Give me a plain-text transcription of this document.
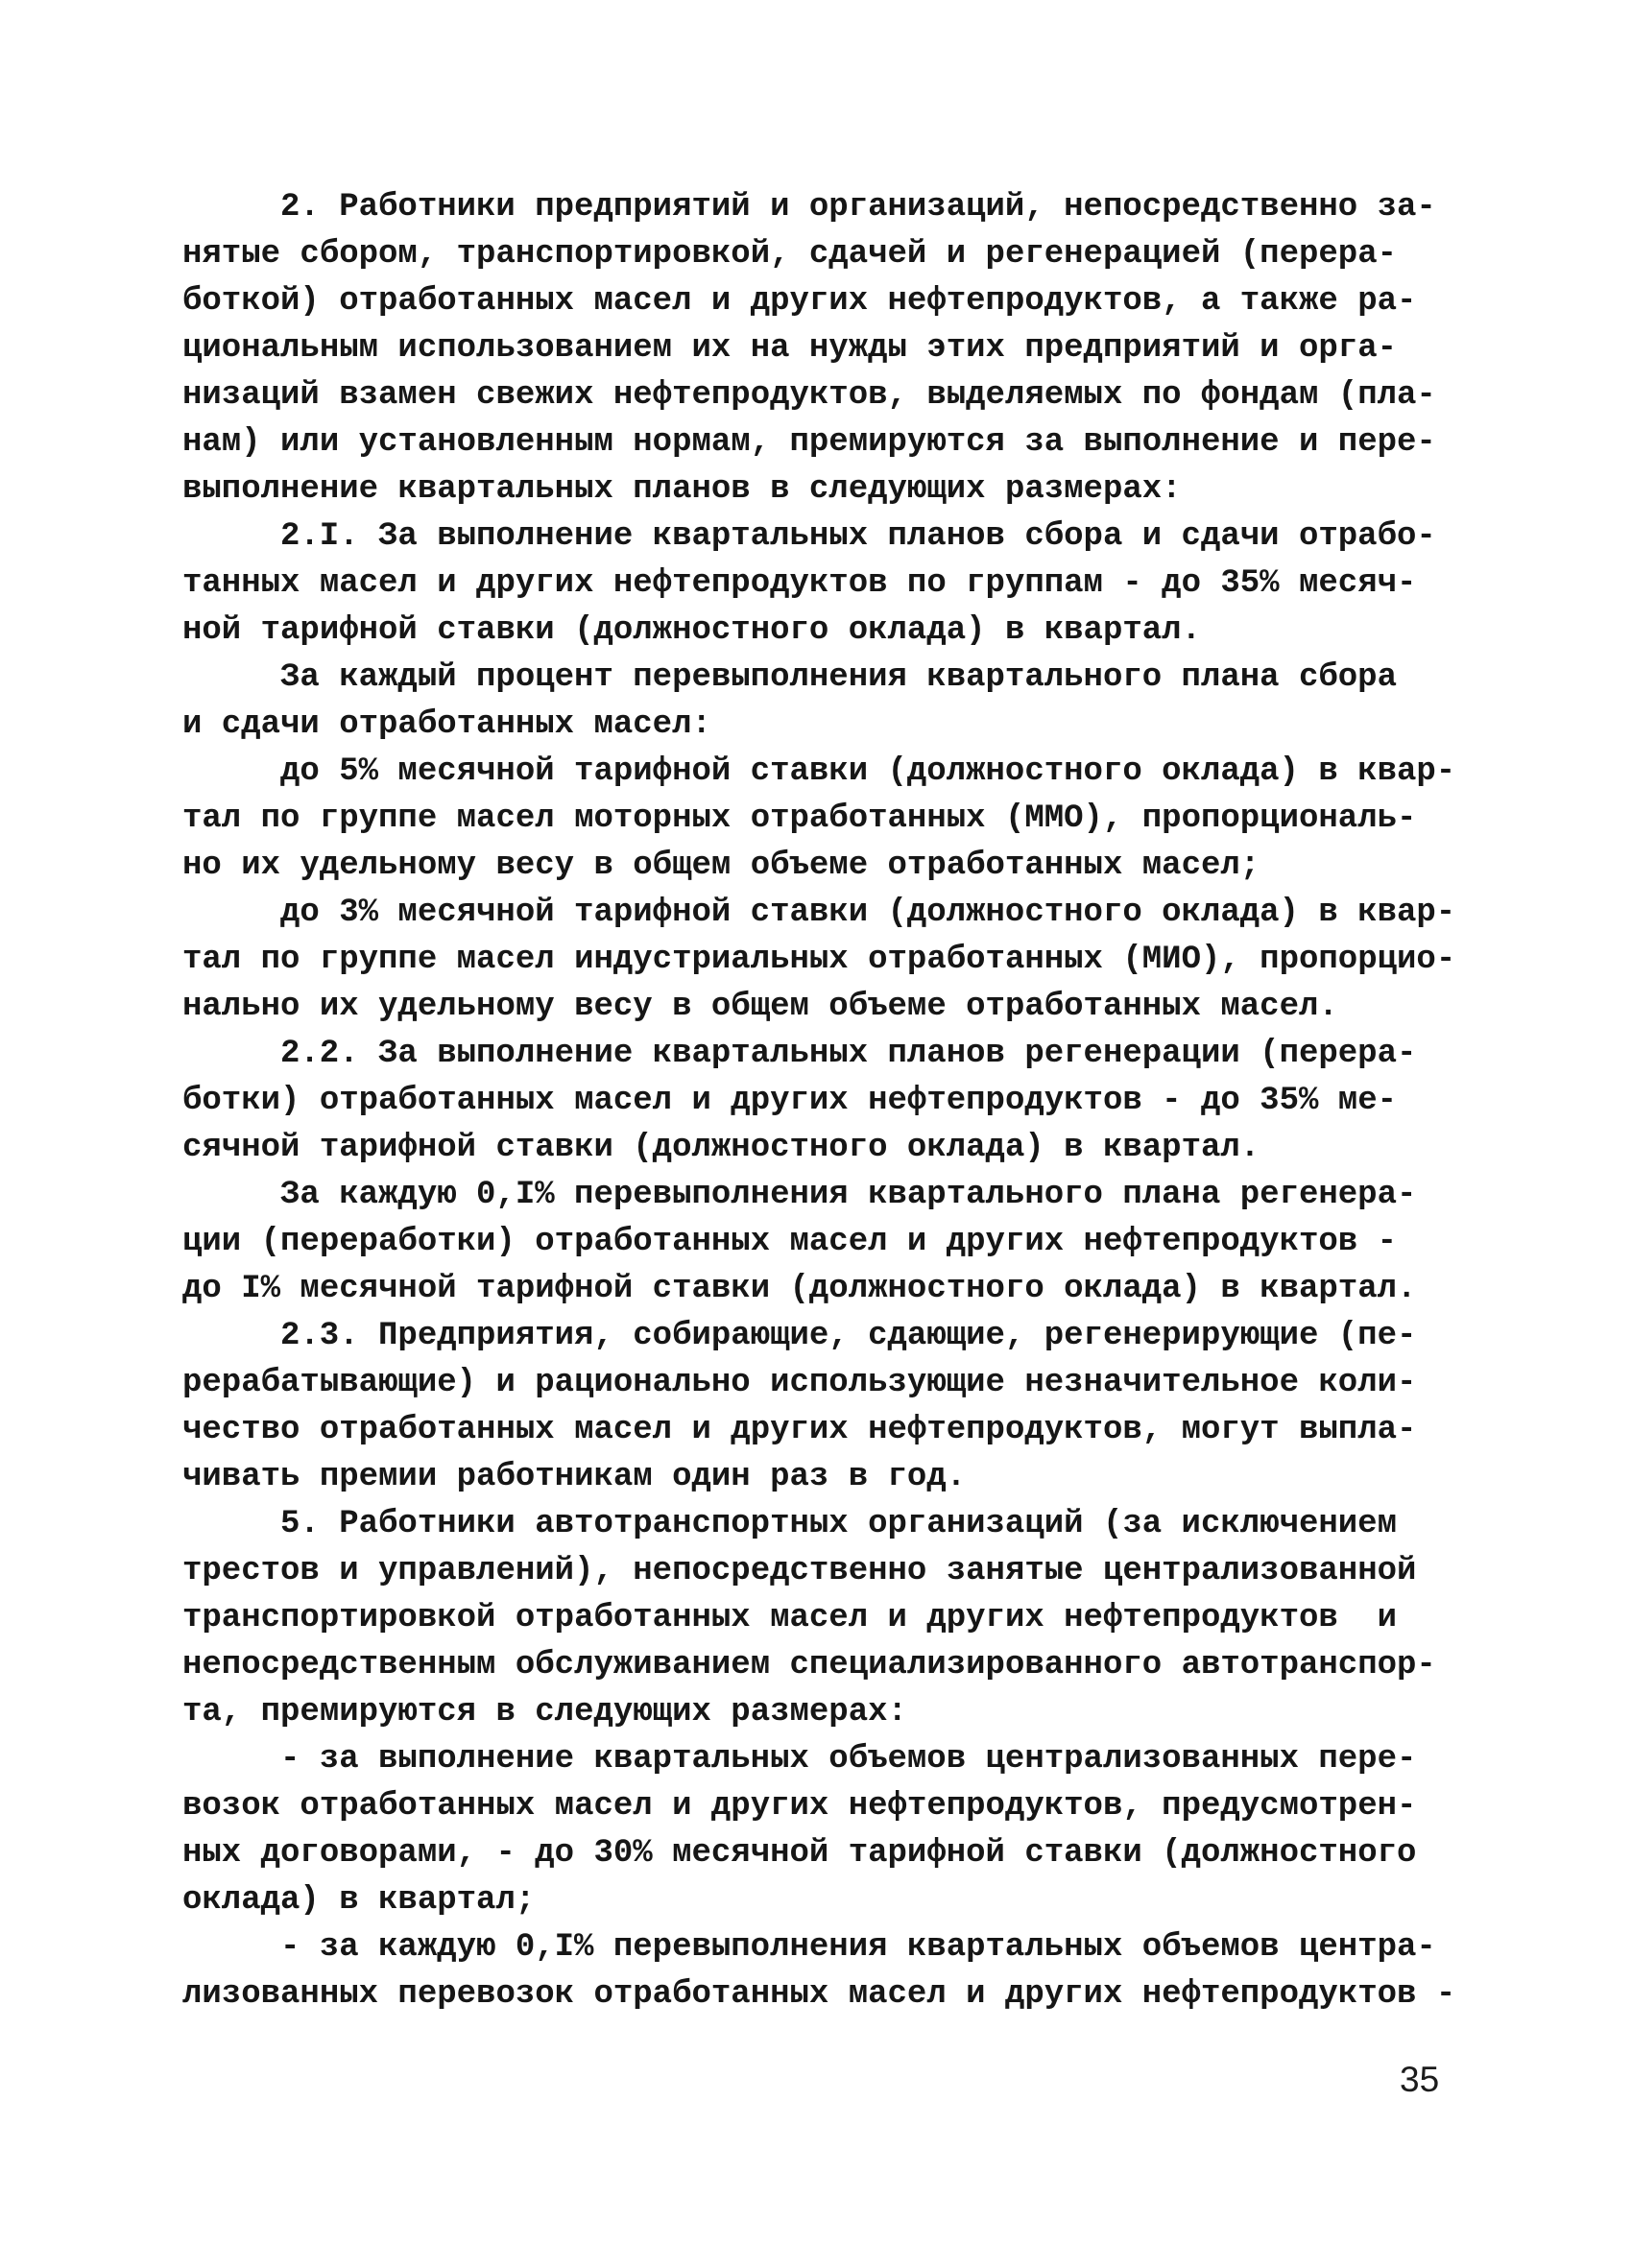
2. Работники предприятий и организаций, непосредственно за-
нятые сбором, транспортировкой, сдачей и регенерацией (перера-
боткой) отработанных масел и других нефтепродуктов, а также ра-
циональным использованием их на нужды этих предприятий и орга-
низаций взамен свежих нефтепродуктов, выделяемых по фондам (пла-
нам) или установленным нормам, премируются за выполнение и пере-
выполнение квартальных планов в следующих размерах:
2.I. За выполнение квартальных планов сбора и сдачи отрабо-
танных масел и других нефтепродуктов по группам - до 35% месяч-
ной тарифной ставки (должностного оклада) в квартал.
За каждый процент перевыполнения квартального плана сбора
и сдачи отработанных масел:
до 5% месячной тарифной ставки (должностного оклада) в квар-
тал по группе масел моторных отработанных (ММО), пропорциональ-
но их удельному весу в общем объеме отработанных масел;
до 3% месячной тарифной ставки (должностного оклада) в квар-
тал по группе масел индустриальных отработанных (МИО), пропорцио-
нально их удельному весу в общем объеме отработанных масел.
2.2. За выполнение квартальных планов регенерации (перера-
ботки) отработанных масел и других нефтепродуктов - до 35% ме-
сячной тарифной ставки (должностного оклада) в квартал.
За каждую 0,I% перевыполнения квартального плана регенера-
ции (переработки) отработанных масел и других нефтепродуктов -
до I% месячной тарифной ставки (должностного оклада) в квартал.
2.3. Предприятия, собирающие, сдающие, регенерирующие (пе-
рерабатывающие) и рационально использующие незначительное коли-
чество отработанных масел и других нефтепродуктов, могут выпла-
чивать премии работникам один раз в год.
5. Работники автотранспортных организаций (за исключением
трестов и управлений), непосредственно занятые централизованной
транспортировкой отработанных масел и других нефтепродуктов  и
непосредственным обслуживанием специализированного автотранспор-
та, премируются в следующих размерах:
- за выполнение квартальных объемов централизованных пере-
возок отработанных масел и других нефтепродуктов, предусмотрен-
ных договорами, - до 30% месячной тарифной ставки (должностного
оклада) в квартал;
- за каждую 0,I% перевыполнения квартальных объемов центра-
лизованных перевозок отработанных масел и других нефтепродуктов -
35
